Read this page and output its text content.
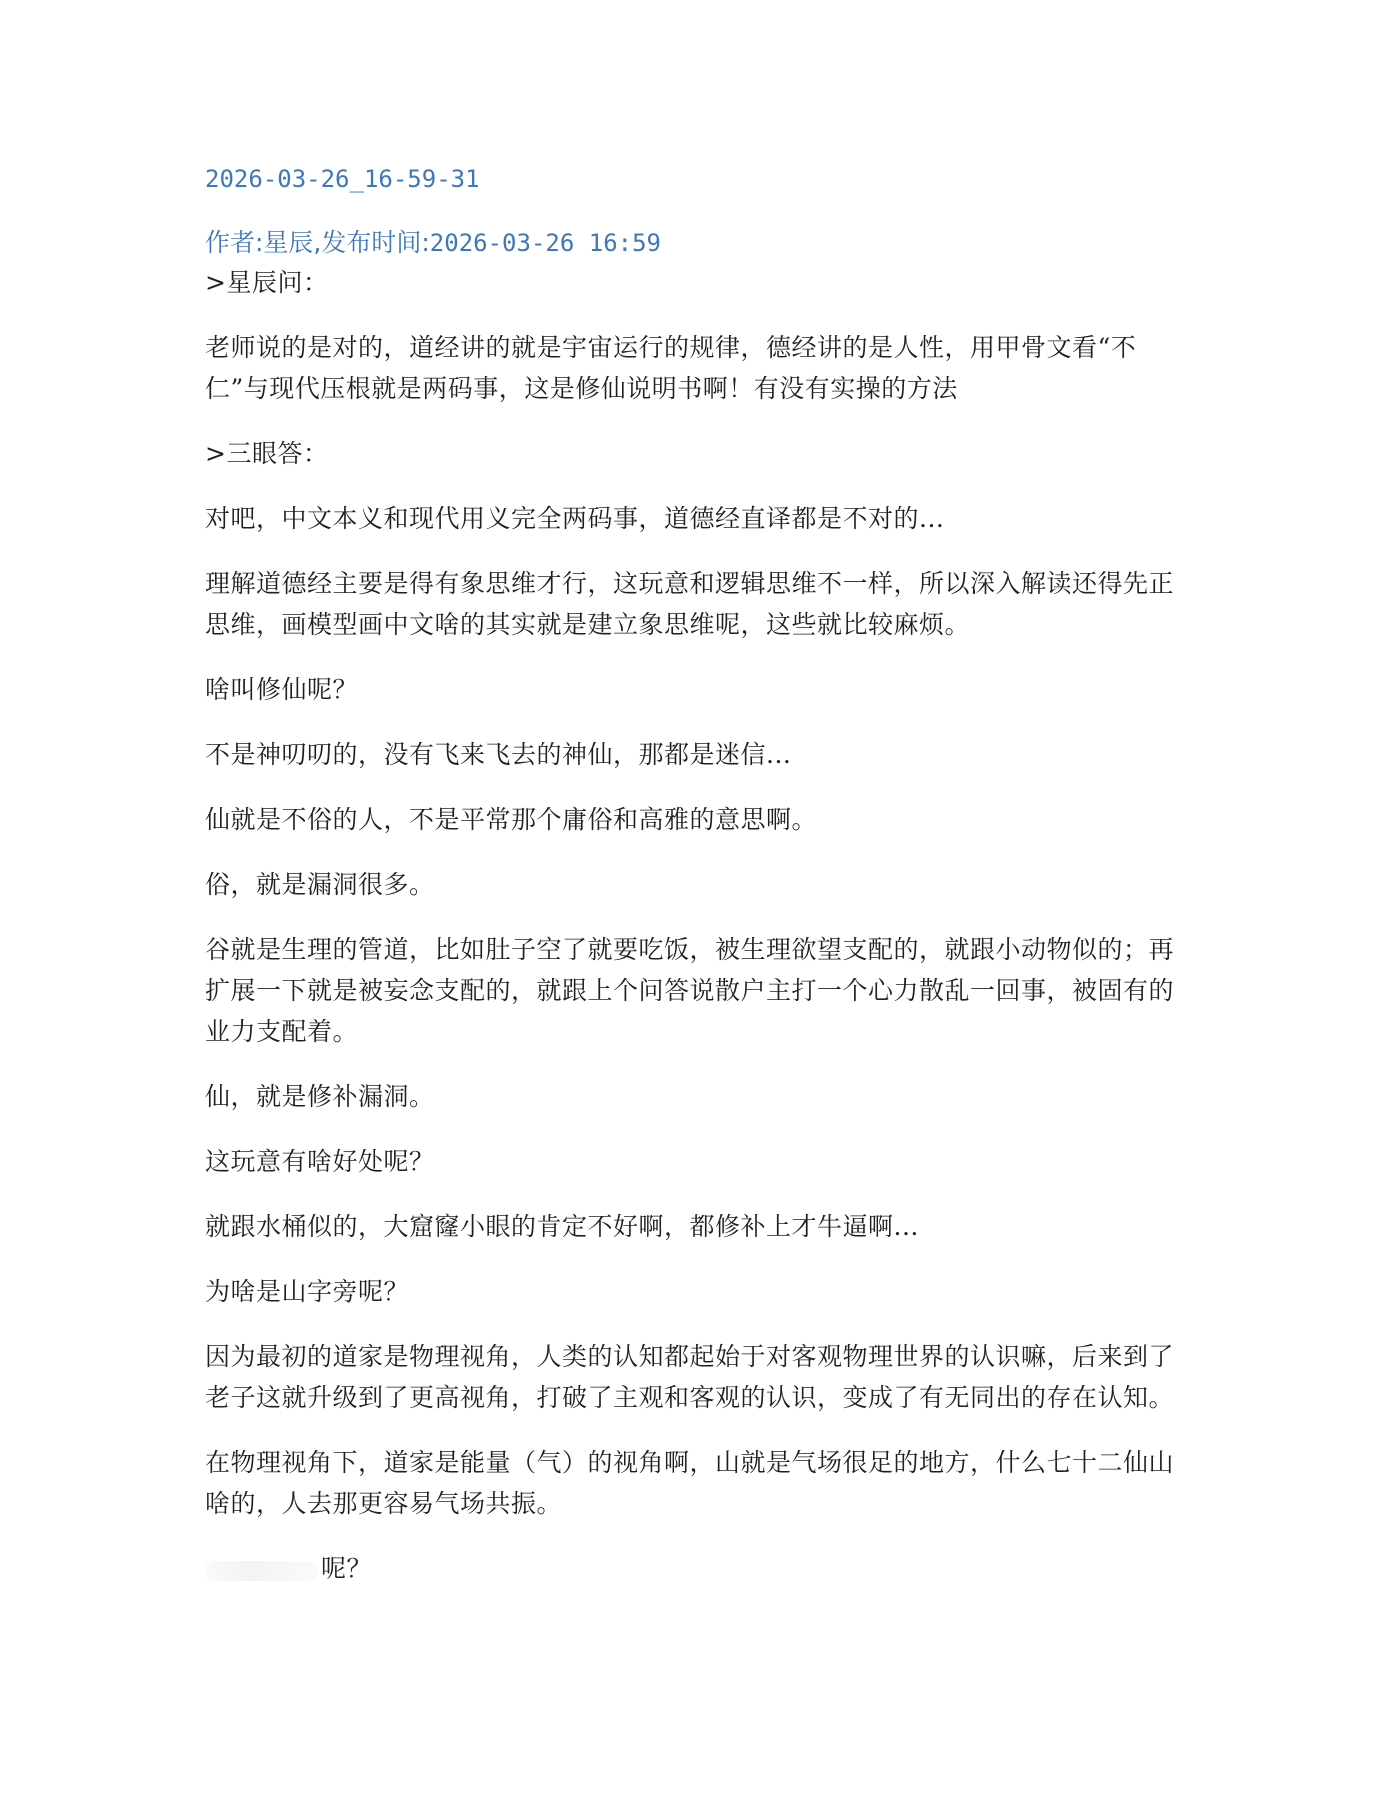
2026-03-26_16-59-31
作者:星辰,发布时间:2026-03-26 16:59

>星辰问：

老师说的是对的，道经讲的就是宇宙运行的规律，德经讲的是人性，用甲骨文看“不仁”与现代压根就是两码事，这是修仙说明书啊！有没有实操的方法

>三眼答：

对吧，中文本义和现代用义完全两码事，道德经直译都是不对的...

理解道德经主要是得有象思维才行，这玩意和逻辑思维不一样，所以深入解读还得先正思维，画模型画中文啥的其实就是建立象思维呢，这些就比较麻烦。

啥叫修仙呢？

不是神叨叨的，没有飞来飞去的神仙，那都是迷信...

仙就是不俗的人，不是平常那个庸俗和高雅的意思啊。

俗，就是漏洞很多。

谷就是生理的管道，比如肚子空了就要吃饭，被生理欲望支配的，就跟小动物似的；再扩展一下就是被妄念支配的，就跟上个问答说散户主打一个心力散乱一回事，被固有的业力支配着。

仙，就是修补漏洞。

这玩意有啥好处呢？

就跟水桶似的，大窟窿小眼的肯定不好啊，都修补上才牛逼啊...

为啥是山字旁呢？

因为最初的道家是物理视角，人类的认知都起始于对客观物理世界的认识嘛，后来到了老子这就升级到了更高视角，打破了主观和客观的认识，变成了有无同出的存在认知。

在物理视角下，道家是能量（气）的视角啊，山就是气场很足的地方，什么七十二仙山啥的，人去那更容易气场共振。

呢？
